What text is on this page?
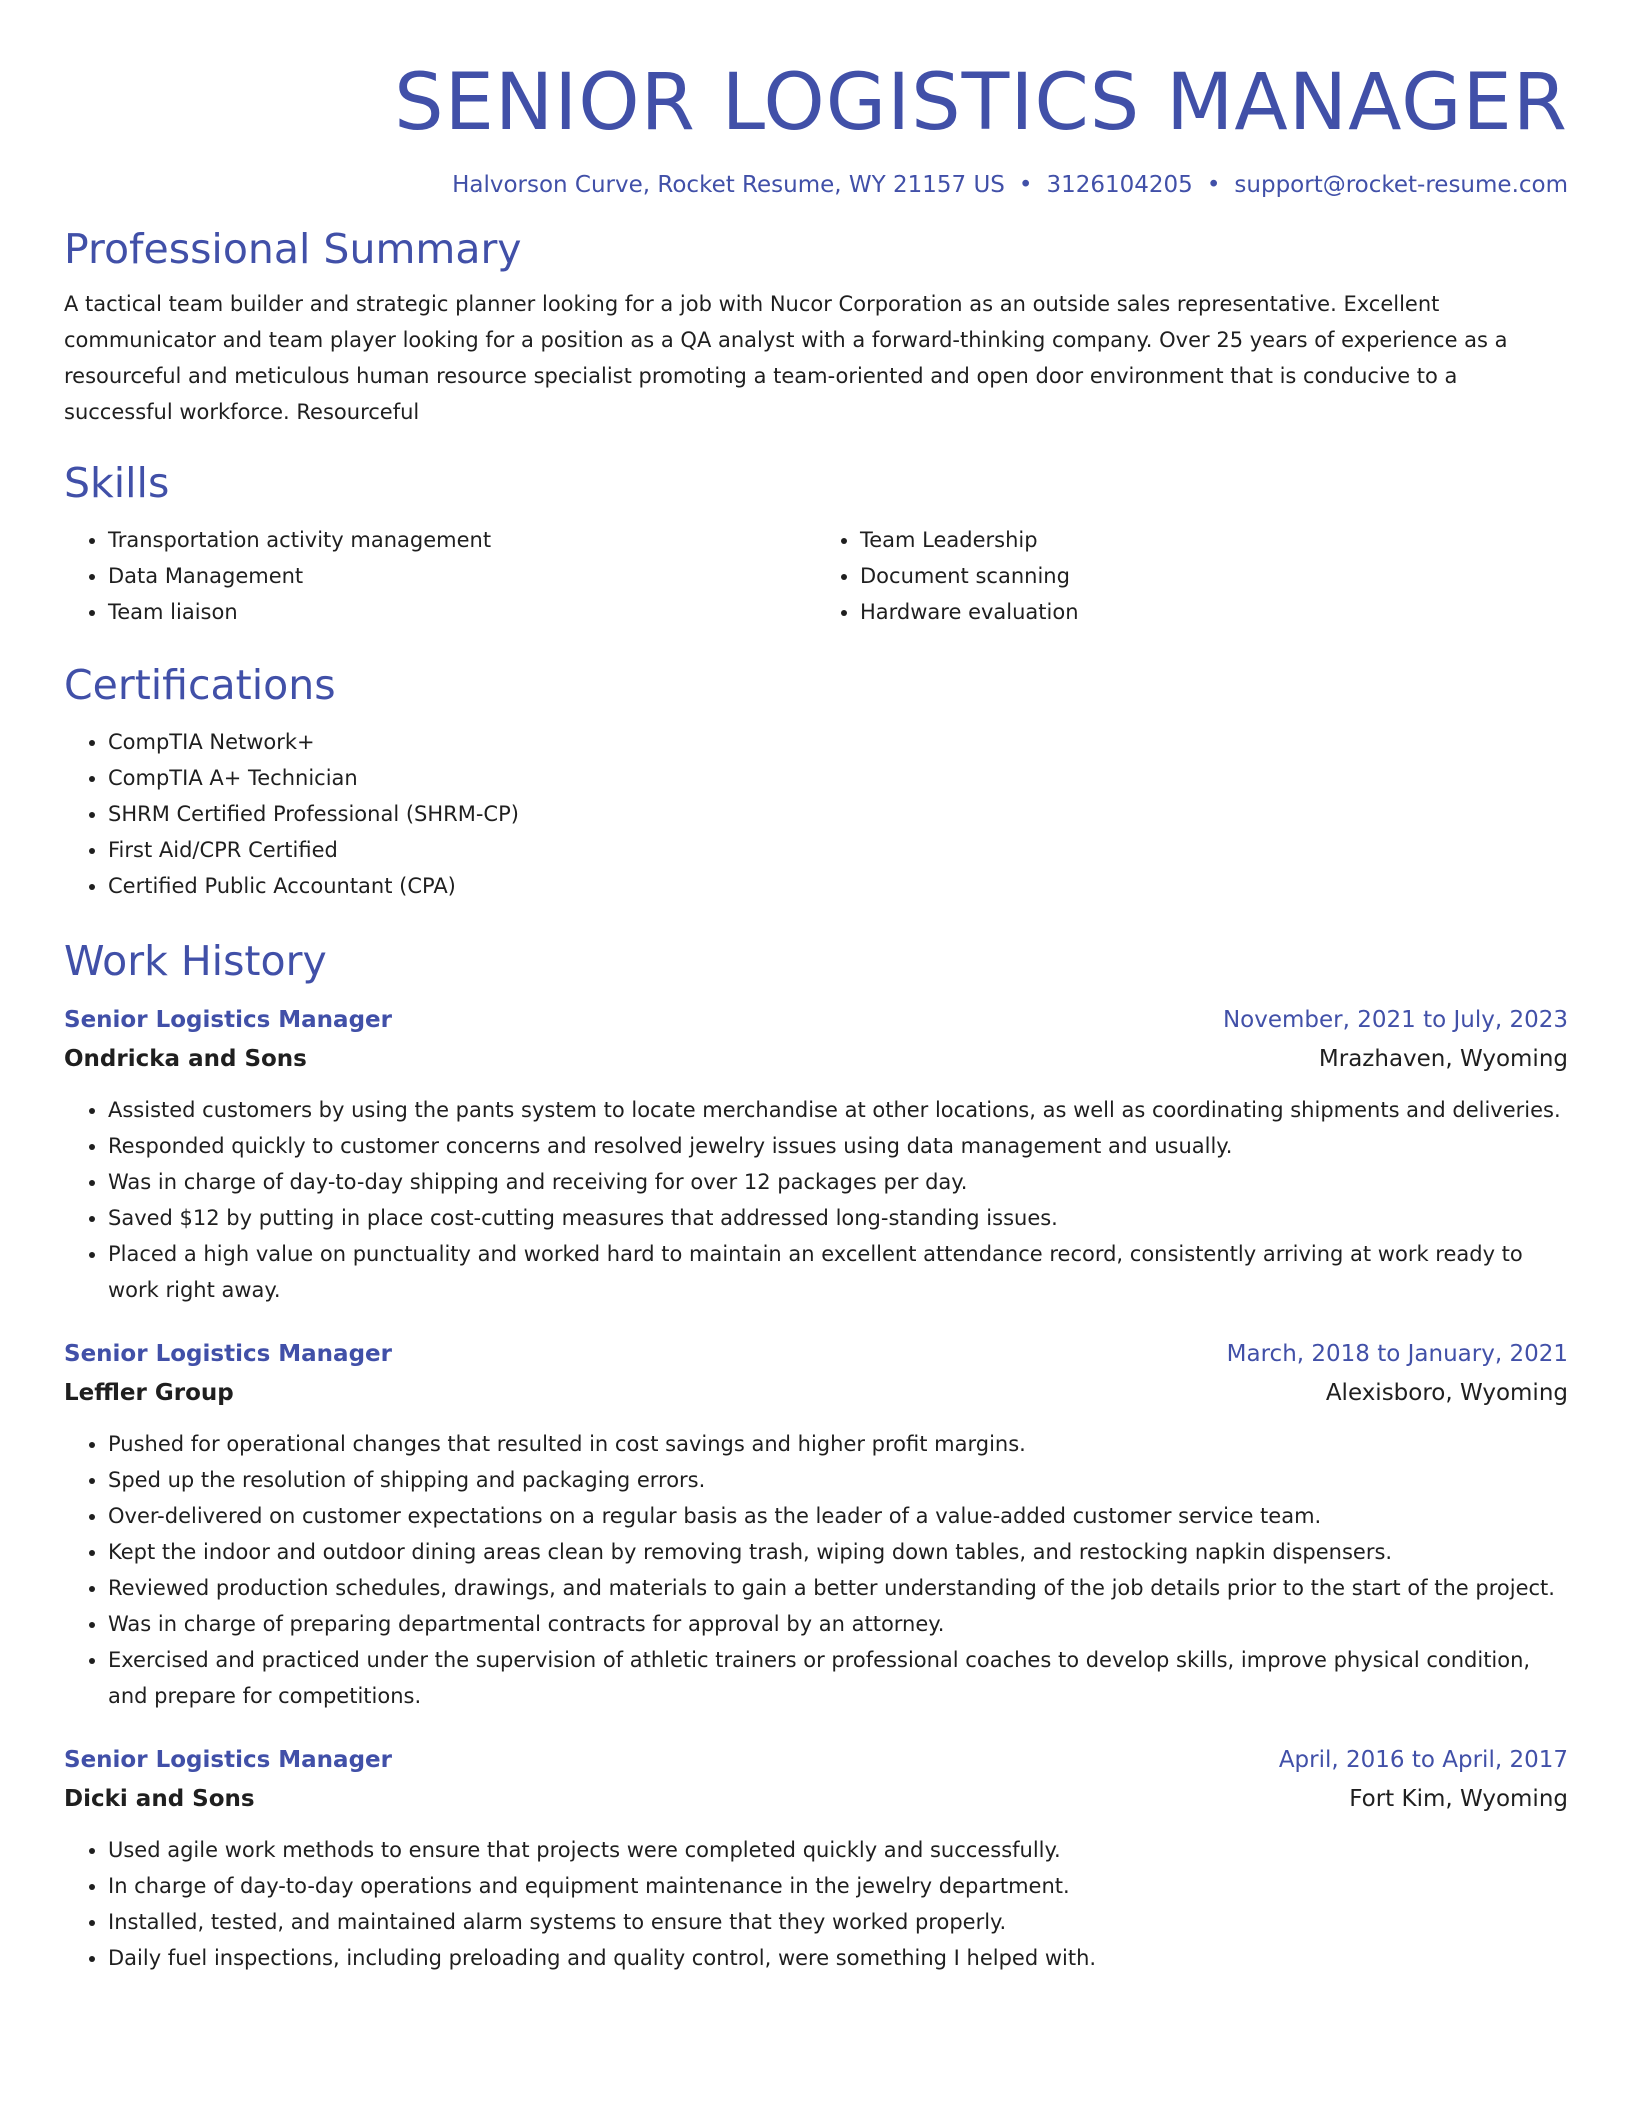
SENIOR LOGISTICS MANAGER
Halvorson Curve, Rocket Resume, WY 21157 US • 3126104205 • support@rocket-resume.com
Professional Summary

A tactical team builder and strategic planner looking for a job with Nucor Corporation as an outside sales representative. Excellent communicator and team player looking for a position as a QA analyst with a forward-thinking company. Over 25 years of experience as a resourceful and meticulous human resource specialist promoting a team-oriented and open door environment that is conducive to a successful workforce. Resourceful

Skills
• Transportation activity management
• Data Management
• Team liaison
• Team Leadership
• Document scanning
• Hardware evaluation
Certifications
• CompTIA Network+
• CompTIA A+ Technician
• SHRM Certified Professional (SHRM-CP)
• First Aid/CPR Certified
• Certified Public Accountant (CPA)
Work History
Senior Logistics Manager	November, 2021 to July, 2023
Ondricka and Sons	Mrazhaven, Wyoming
• Assisted customers by using the pants system to locate merchandise at other locations, as well as coordinating shipments and deliveries.
• Responded quickly to customer concerns and resolved jewelry issues using data management and usually.
• Was in charge of day-to-day shipping and receiving for over 12 packages per day.
• Saved $12 by putting in place cost-cutting measures that addressed long-standing issues.
• Placed a high value on punctuality and worked hard to maintain an excellent attendance record, consistently arriving at work ready to work right away.
Senior Logistics Manager	March, 2018 to January, 2021
Leffler Group	Alexisboro, Wyoming
• Pushed for operational changes that resulted in cost savings and higher profit margins.
• Sped up the resolution of shipping and packaging errors.
• Over-delivered on customer expectations on a regular basis as the leader of a value-added customer service team.
• Kept the indoor and outdoor dining areas clean by removing trash, wiping down tables, and restocking napkin dispensers.
• Reviewed production schedules, drawings, and materials to gain a better understanding of the job details prior to the start of the project.
• Was in charge of preparing departmental contracts for approval by an attorney.
• Exercised and practiced under the supervision of athletic trainers or professional coaches to develop skills, improve physical condition, and prepare for competitions.
Senior Logistics Manager	April, 2016 to April, 2017
Dicki and Sons	Fort Kim, Wyoming
• Used agile work methods to ensure that projects were completed quickly and successfully.
• In charge of day-to-day operations and equipment maintenance in the jewelry department.
• Installed, tested, and maintained alarm systems to ensure that they worked properly.
• Daily fuel inspections, including preloading and quality control, were something I helped with.
